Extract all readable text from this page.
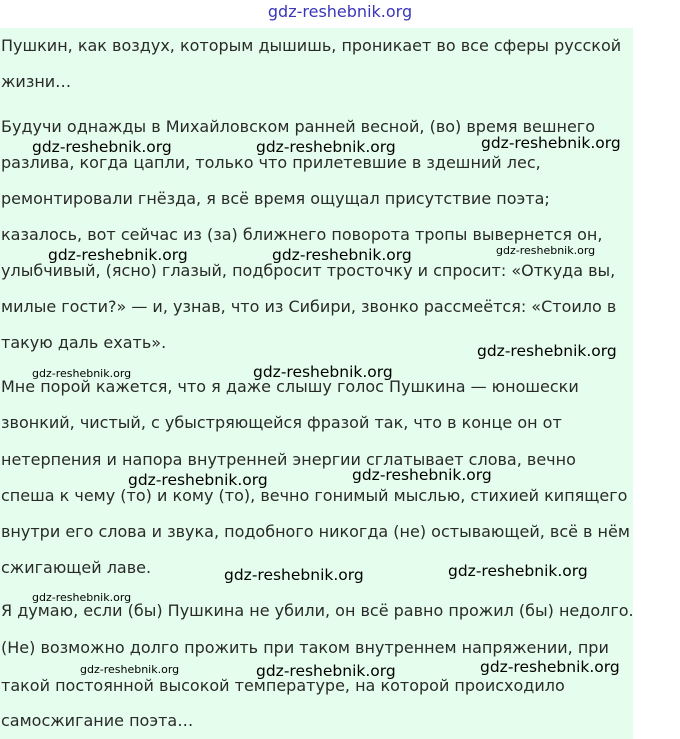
gdz-reshebnik.org
Пушкин, как воздух, которым дышишь, проникает во все сферы русской
жизни…
Будучи однажды в Михайловском ранней весной, (во) время вешнего
разлива, когда цапли, только что прилетевшие в здешний лес,
ремонтировали гнёзда, я всё время ощущал присутствие поэта;
казалось, вот сейчас из (за) ближнего поворота тропы вывернется он,
улыбчивый, (ясно) глазый, подбросит тросточку и спросит: «Откуда вы,
милые гости?» — и, узнав, что из Сибири, звонко рассмеётся: «Стоило в
такую даль ехать».
Мне порой кажется, что я даже слышу голос Пушкина — юношески
звонкий, чистый, с убыстряющейся фразой так, что в конце он от
нетерпения и напора внутренней энергии сглатывает слова, вечно
спеша к чему (то) и кому (то), вечно гонимый мыслью, стихией кипящего
внутри его слова и звука, подобного никогда (не) остывающей, всё в нём
сжигающей лаве.
Я думаю, если (бы) Пушкина не убили, он всё равно прожил (бы) недолго.
(Не) возможно долго прожить при таком внутреннем напряжении, при
такой постоянной высокой температуре, на которой происходило
самосжигание поэта…
gdz-reshebnik.org	gdz-reshebnik.org	gdz-reshebnik.org
gdz-reshebnik.org	gdz-reshebnik.org	gdz-reshebnik.org
gdz-reshebnik.org
gdz-reshebnik.org
gdz-reshebnik.org
gdz-reshebnik.org	gdz-reshebnik.org
gdz-reshebnik.org	gdz-reshebnik.org
gdz-reshebnik.org
gdz-reshebnik.org	gdz-reshebnik.org	gdz-reshebnik.org
